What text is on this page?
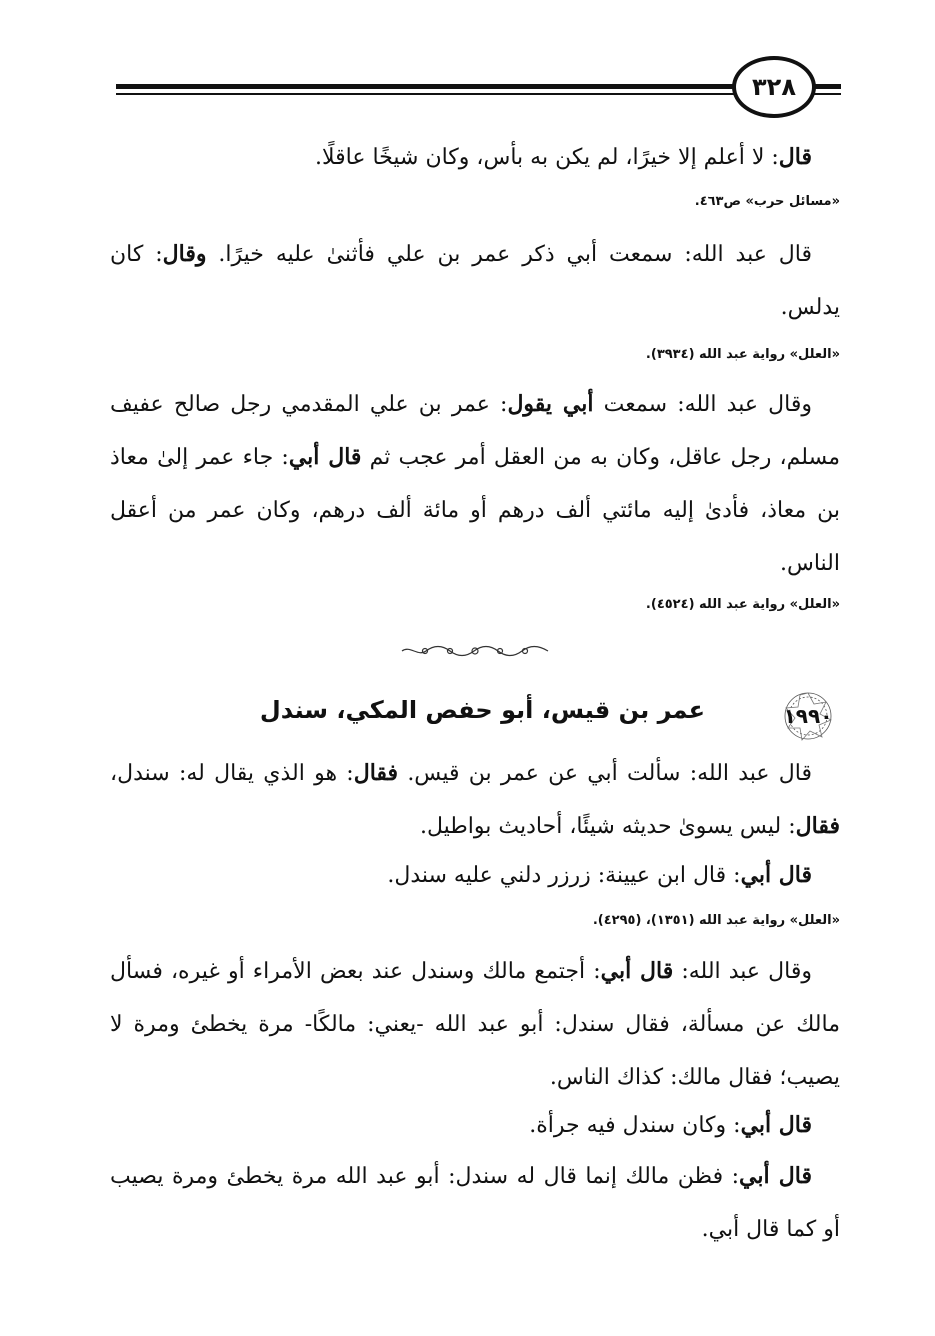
٣٢٨
قال: لا أعلم إلا خيرًا، لم يكن به بأس، وكان شيخًا عاقلًا.
«مسائل حرب» ص٤٦٣.
قال عبد الله: سمعت أبي ذكر عمر بن علي فأثنىٰ عليه خيرًا. وقال: كان يدلس.
«العلل» رواية عبد الله (٣٩٣٤).
وقال عبد الله: سمعت أبي يقول: عمر بن علي المقدمي رجل صالح عفيف مسلم، رجل عاقل، وكان به من العقل أمر عجب ثم قال أبي: جاء عمر إلىٰ معاذ بن معاذ، فأدىٰ إليه مائتي ألف درهم أو مائة ألف درهم، وكان عمر من أعقل الناس.
«العلل» رواية عبد الله (٤٥٢٤).
١٩٩٠
عمر بن قيس، أبو حفص المكي، سندل
قال عبد الله: سألت أبي عن عمر بن قيس. فقال: هو الذي يقال له: سندل، فقال: ليس يسوىٰ حديثه شيئًا، أحاديث بواطيل.
قال أبي: قال ابن عيينة: زرزر دلني عليه سندل.
«العلل» رواية عبد الله (١٣٥١)، (٤٢٩٥).
وقال عبد الله: قال أبي: أجتمع مالك وسندل عند بعض الأمراء أو غيره، فسأل مالك عن مسألة، فقال سندل: أبو عبد الله -يعني: مالكًا- مرة يخطئ ومرة لا يصيب؛ فقال مالك: كذاك الناس.
قال أبي: وكان سندل فيه جرأة.
قال أبي: فظن مالك إنما قال له سندل: أبو عبد الله مرة يخطئ ومرة يصيب أو كما قال أبي.
